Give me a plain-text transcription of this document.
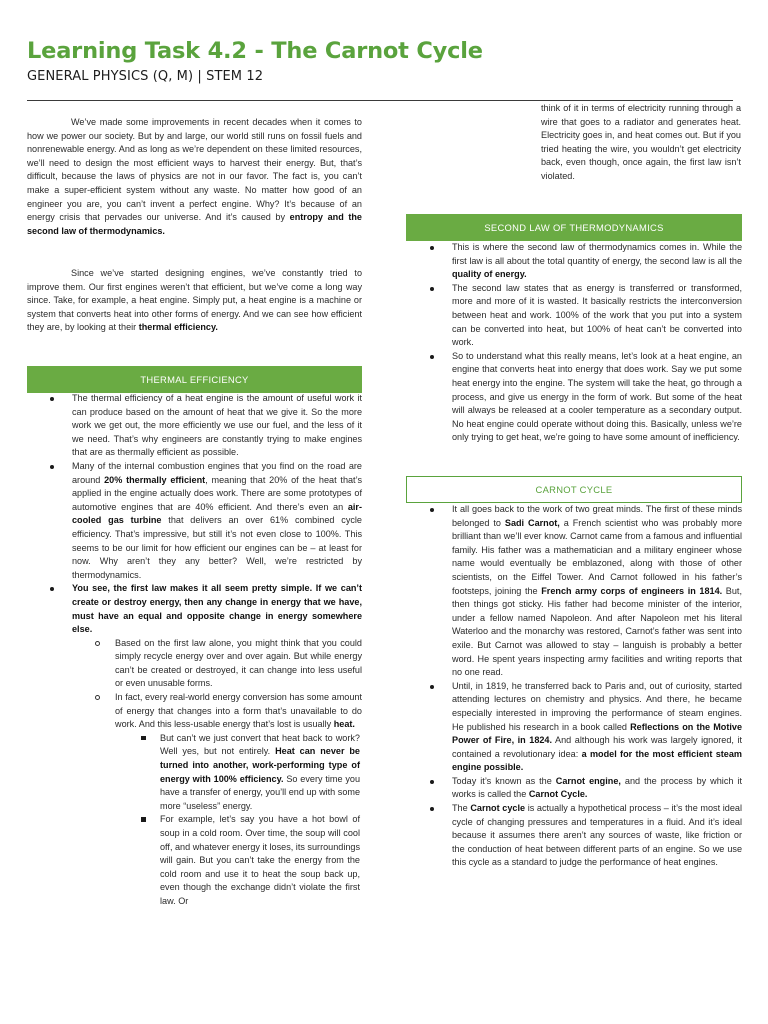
Learning Task 4.2 - The Carnot Cycle
GENERAL PHYSICS (Q, M) | STEM 12

We’ve made some improvements in recent decades when it comes to how we power our society. But by and large, our world still runs on fossil fuels and nonrenewable energy. And as long as we’re dependent on these limited resources, we’ll need to design the most efficient ways to harvest their energy. But, that’s difficult, because the laws of physics are not in our favor. The fact is, you can’t make a super-efficient system without any waste. No matter how good of an engineer you are, you can’t invent a perfect engine. Why? It’s because of an energy crisis that pervades our universe. And it’s caused by entropy and the second law of thermodynamics.

Since we’ve started designing engines, we’ve constantly tried to improve them. Our first engines weren’t that efficient, but we’ve come a long way since. Take, for example, a heat engine. Simply put, a heat engine is a machine or system that converts heat into other forms of energy. And we can see how efficient they are, by looking at their thermal efficiency.

THERMAL EFFICIENCY
The thermal efficiency of a heat engine is the amount of useful work it can produce based on the amount of heat that we give it. So the more work we get out, the more efficiently we use our fuel, and the less of it we need. That’s why engineers are constantly trying to make engines that are as thermally efficient as possible.
Many of the internal combustion engines that you find on the road are around 20% thermally efficient, meaning that 20% of the heat that’s applied in the engine actually does work. There are some prototypes of automotive engines that are 40% efficient. And there’s even an air-cooled gas turbine that delivers an over 61% combined cycle efficiency. That’s impressive, but still it’s not even close to 100%. This seems to be our limit for how efficient our engines can be – at least for now. Why aren’t they any better? Well, we’re restricted by thermodynamics.
You see, the first law makes it all seem pretty simple. If we can’t create or destroy energy, then any change in energy that we have, must have an equal and opposite change in energy somewhere else.
Based on the first law alone, you might think that you could simply recycle energy over and over again. But while energy can’t be created or destroyed, it can change into less useful or even unusable forms.
In fact, every real-world energy conversion has some amount of energy that changes into a form that’s unavailable to do work. And this less-usable energy that’s lost is usually heat.
But can’t we just convert that heat back to work? Well yes, but not entirely. Heat can never be turned into another, work-performing type of energy with 100% efficiency. So every time you have a transfer of energy, you’ll end up with some more “useless” energy.
For example, let’s say you have a hot bowl of soup in a cold room. Over time, the soup will cool off, and whatever energy it loses, its surroundings will gain. But you can’t take the energy from the cold room and use it to heat the soup back up, even though the exchange didn’t violate the first law. Or

think of it in terms of electricity running through a wire that goes to a radiator and generates heat. Electricity goes in, and heat comes out. But if you tried heating the wire, you wouldn’t get electricity back, even though, once again, the first law isn’t violated.

SECOND LAW OF THERMODYNAMICS
This is where the second law of thermodynamics comes in. While the first law is all about the total quantity of energy, the second law is all the quality of energy.
The second law states that as energy is transferred or transformed, more and more of it is wasted. It basically restricts the interconversion between heat and work. 100% of the work that you put into a system can be converted into heat, but 100% of heat can’t be converted into work.
So to understand what this really means, let’s look at a heat engine, an engine that converts heat into energy that does work. Say we put some heat energy into the engine. The system will take the heat, go through a process, and give us energy in the form of work. But some of the heat will always be released at a cooler temperature as a secondary output. No heat engine could operate without doing this. Basically, unless we’re only trying to get heat, we’re going to have some amount of inefficiency.
CARNOT CYCLE
It all goes back to the work of two great minds. The first of these minds belonged to Sadi Carnot, a French scientist who was probably more brilliant than we’ll ever know. Carnot came from a famous and influential family. His father was a mathematician and a military engineer whose name would eventually be emblazoned, along with those of other scientists, on the Eiffel Tower. And Carnot followed in his father’s footsteps, joining the French army corps of engineers in 1814. But, then things got sticky. His father had become minister of the interior, under a fellow named Napoleon. And after Napoleon met his literal Waterloo and the monarchy was restored, Carnot’s father was sent into exile. But Carnot was allowed to stay – languish is probably a better word. He spent years inspecting army facilities and writing reports that no one read.
Until, in 1819, he transferred back to Paris and, out of curiosity, started attending lectures on chemistry and physics. And there, he became especially interested in improving the performance of steam engines. He published his research in a book called Reflections on the Motive Power of Fire, in 1824. And although his work was largely ignored, it contained a revolutionary idea: a model for the most efficient steam engine possible.
Today it’s known as the Carnot engine, and the process by which it works is called the Carnot Cycle.
The Carnot cycle is actually a hypothetical process – it’s the most ideal cycle of changing pressures and temperatures in a fluid. And it’s ideal because it assumes there aren’t any sources of waste, like friction or the conduction of heat between different parts of an engine. So we use this cycle as a standard to judge the performance of heat engines.
